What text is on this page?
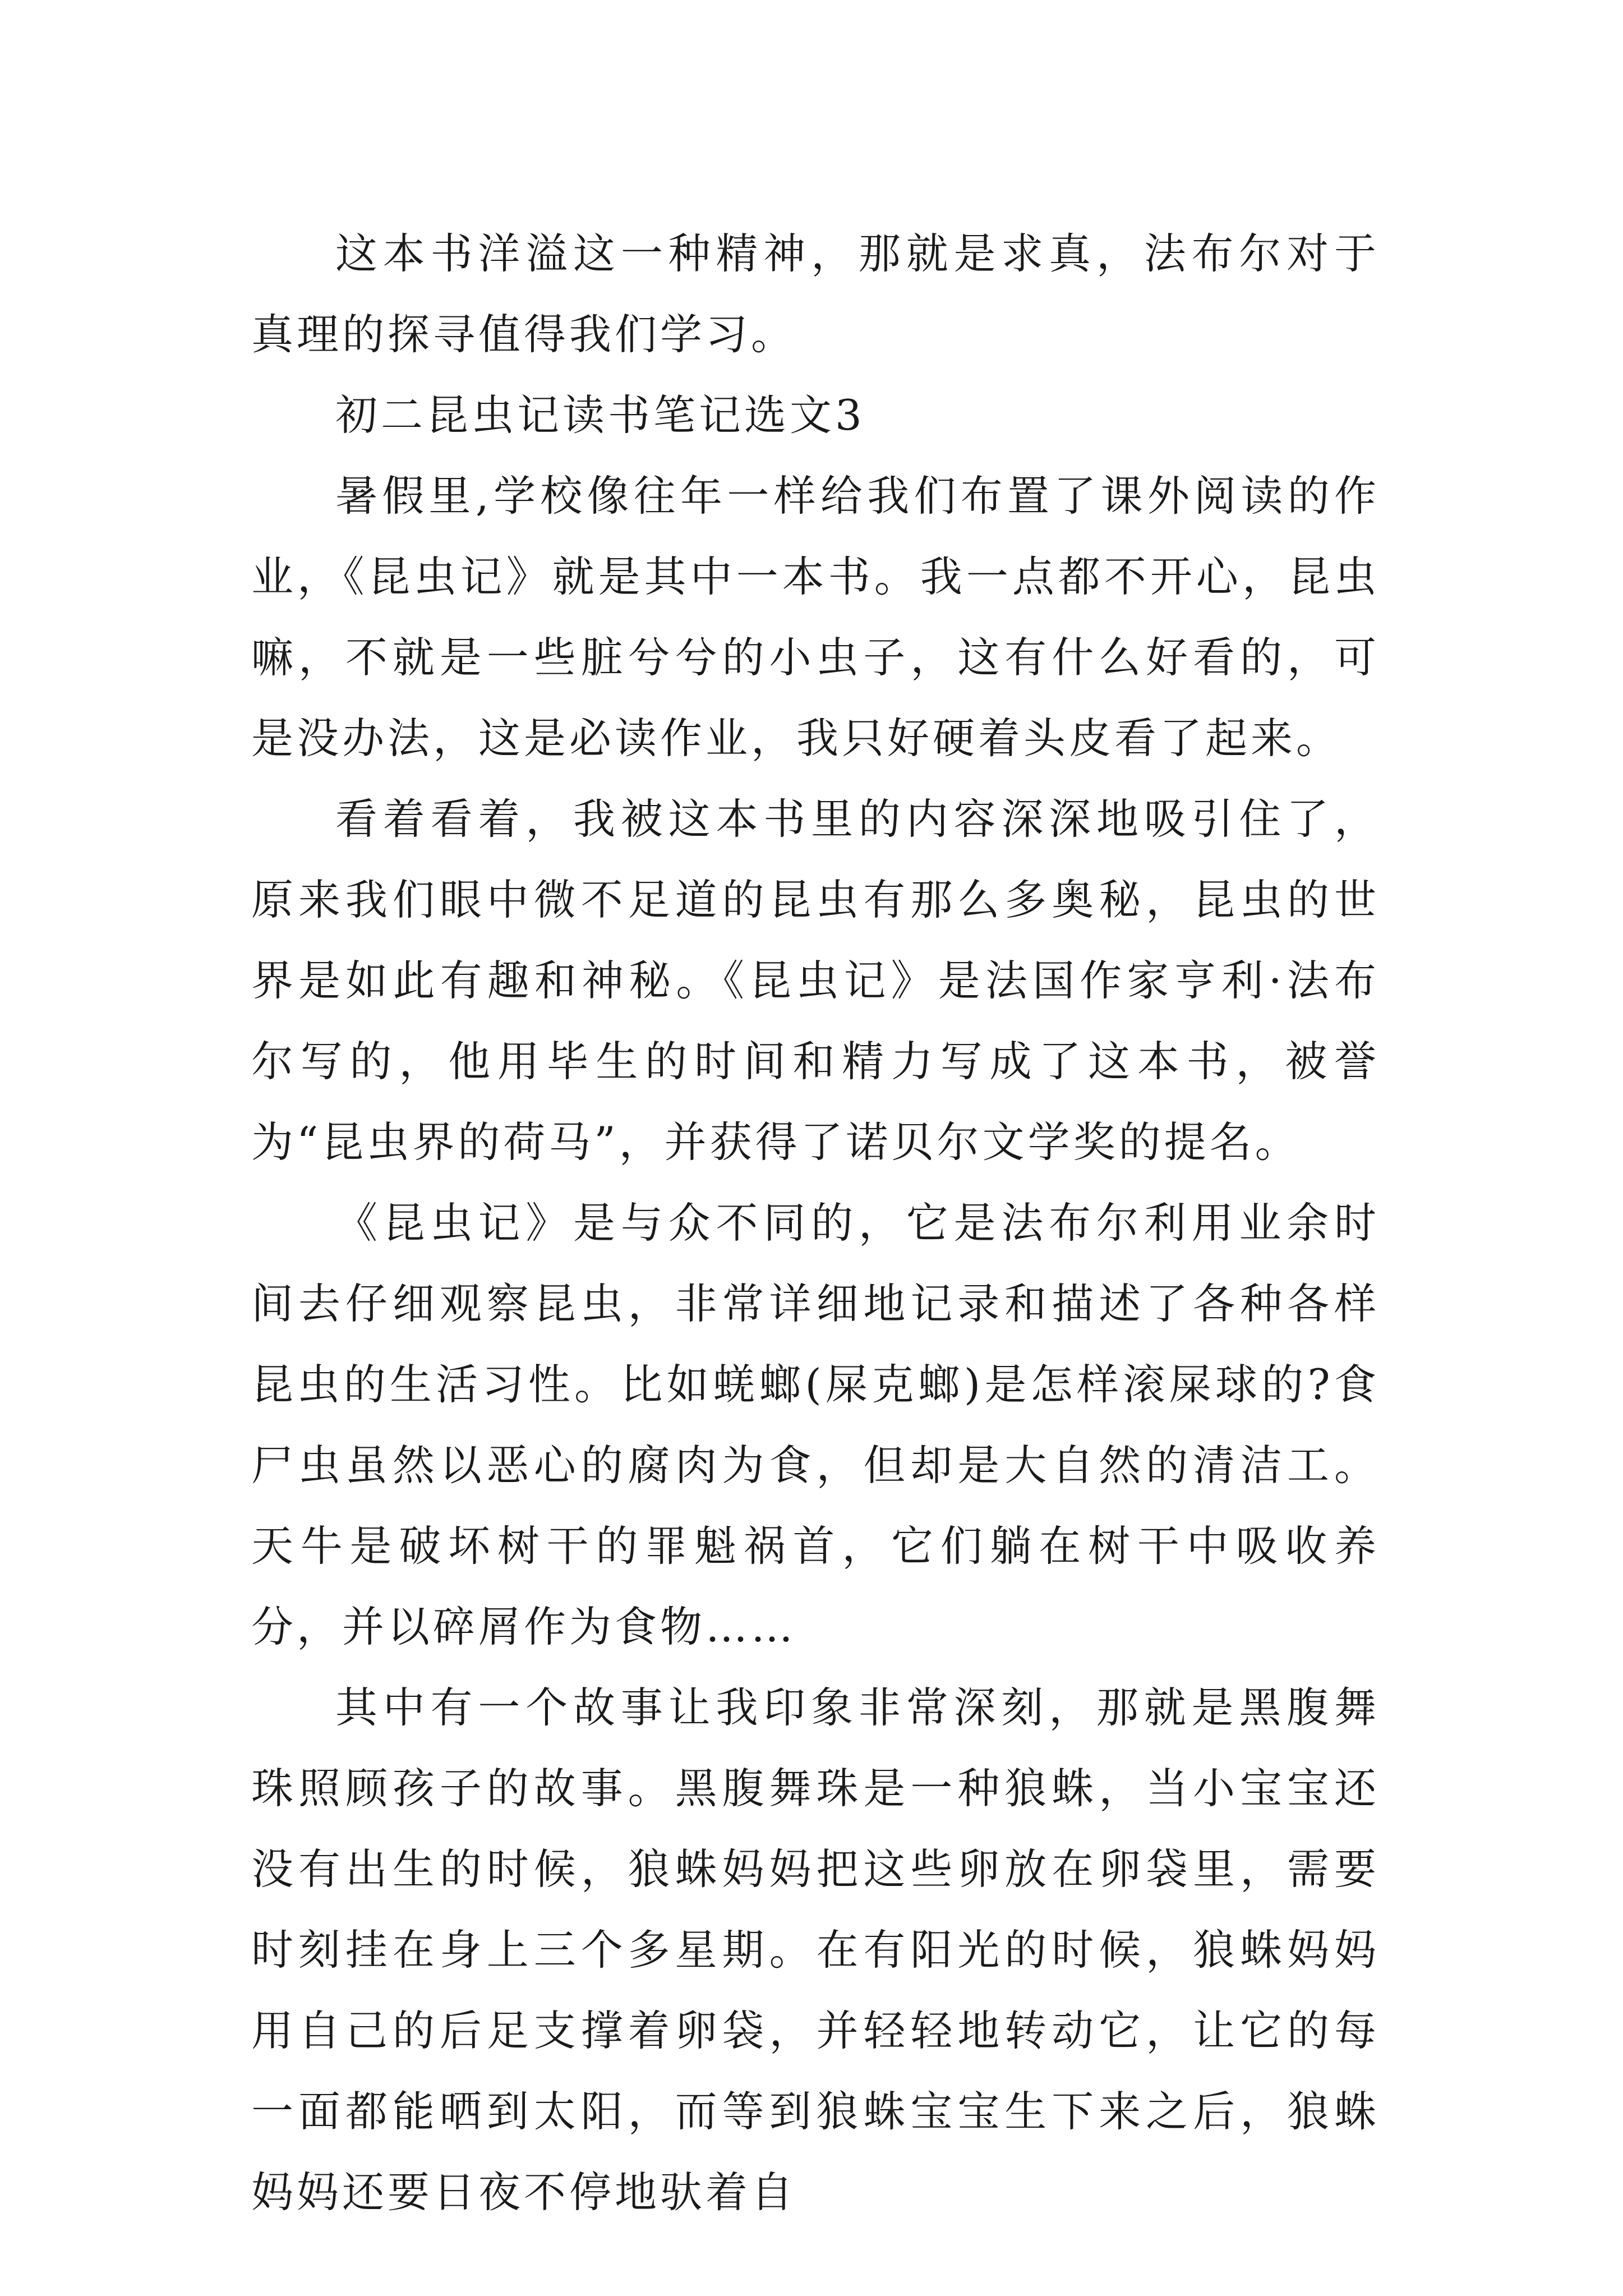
这本书洋溢这一种精神，那就是求真，法布尔对于真理的探寻值得我们学习。

初二昆虫记读书笔记选文3

暑假里,学校像往年一样给我们布置了课外阅读的作业，《昆虫记》就是其中一本书。我一点都不开心，昆虫嘛，不就是一些脏兮兮的小虫子，这有什么好看的，可是没办法，这是必读作业，我只好硬着头皮看了起来。

看着看着，我被这本书里的内容深深地吸引住了，原来我们眼中微不足道的昆虫有那么多奥秘，昆虫的世界是如此有趣和神秘。《昆虫记》是法国作家亨利·法布尔写的，他用毕生的时间和精力写成了这本书，被誉为“昆虫界的荷马”，并获得了诺贝尔文学奖的提名。

《昆虫记》是与众不同的，它是法布尔利用业余时间去仔细观察昆虫，非常详细地记录和描述了各种各样昆虫的生活习性。比如蜣螂(屎克螂)是怎样滚屎球的?食尸虫虽然以恶心的腐肉为食，但却是大自然的清洁工。天牛是破坏树干的罪魁祸首，它们躺在树干中吸收养分，并以碎屑作为食物……

其中有一个故事让我印象非常深刻，那就是黑腹舞珠照顾孩子的故事。黑腹舞珠是一种狼蛛，当小宝宝还没有出生的时候，狼蛛妈妈把这些卵放在卵袋里，需要时刻挂在身上三个多星期。在有阳光的时候，狼蛛妈妈用自己的后足支撑着卵袋，并轻轻地转动它，让它的每一面都能晒到太阳，而等到狼蛛宝宝生下来之后，狼蛛妈妈还要日夜不停地驮着自
